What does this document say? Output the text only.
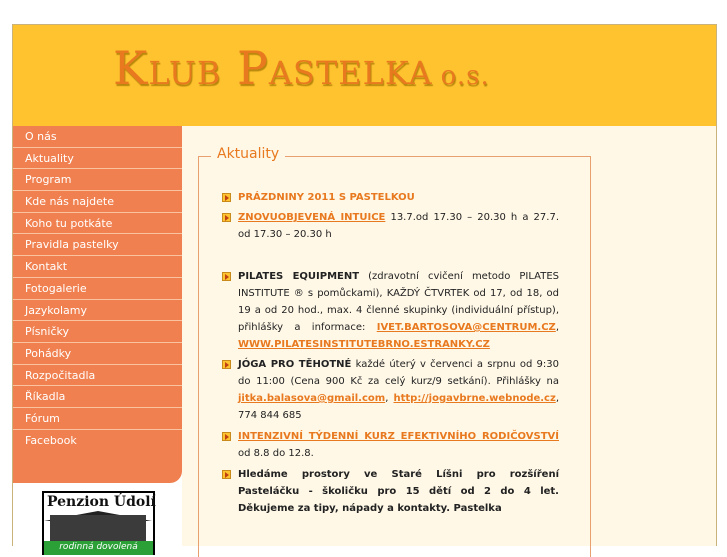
Klub Pastelka o.s.
O nás
Aktuality
Program
Kde nás najdete
Koho tu potkáte
Pravidla pastelky
Kontakt
Fotogalerie
Jazykolamy
Písničky
Pohádky
Rozpočitadla
Říkadla
Fórum
Facebook
Penzion Údolí
rodinná dovolená
Aktuality
PRÁZDNINY 2011 S PASTELKOU
ZNOVUOBJEVENÁ INTUICE 13.7.od 17.30 – 20.30 h a 27.7. od 17.30 – 20.30 h
PILATES EQUIPMENT (zdravotní cvičení metodo PILATES INSTITUTE ® s pomůckami), KAŽDÝ ČTVRTEK od 17, od 18, od 19 a od 20 hod., max. 4 členné skupinky (individuální přístup), přihlášky a informace: IVET.BARTOSOVA@CENTRUM.CZ, WWW.PILATESINSTITUTEBRNO.ESTRANKY.CZ
JÓGA PRO TĚHOTNÉ každé úterý v červenci a srpnu od 9:30 do 11:00 (Cena 900 Kč za celý kurz/9 setkání). Přihlášky na jitka.balasova@gmail.com, http://jogavbrne.webnode.cz, 774 844 685
INTENZIVNÍ TÝDENNÍ KURZ EFEKTIVNÍHO RODIČOVSTVÍ od 8.8 do 12.8.
Hledáme prostory ve Staré Líšni pro rozšíření Pasteláčku - školičku pro 15 dětí od 2 do 4 let. Děkujeme za tipy, nápady a kontakty. Pastelka
